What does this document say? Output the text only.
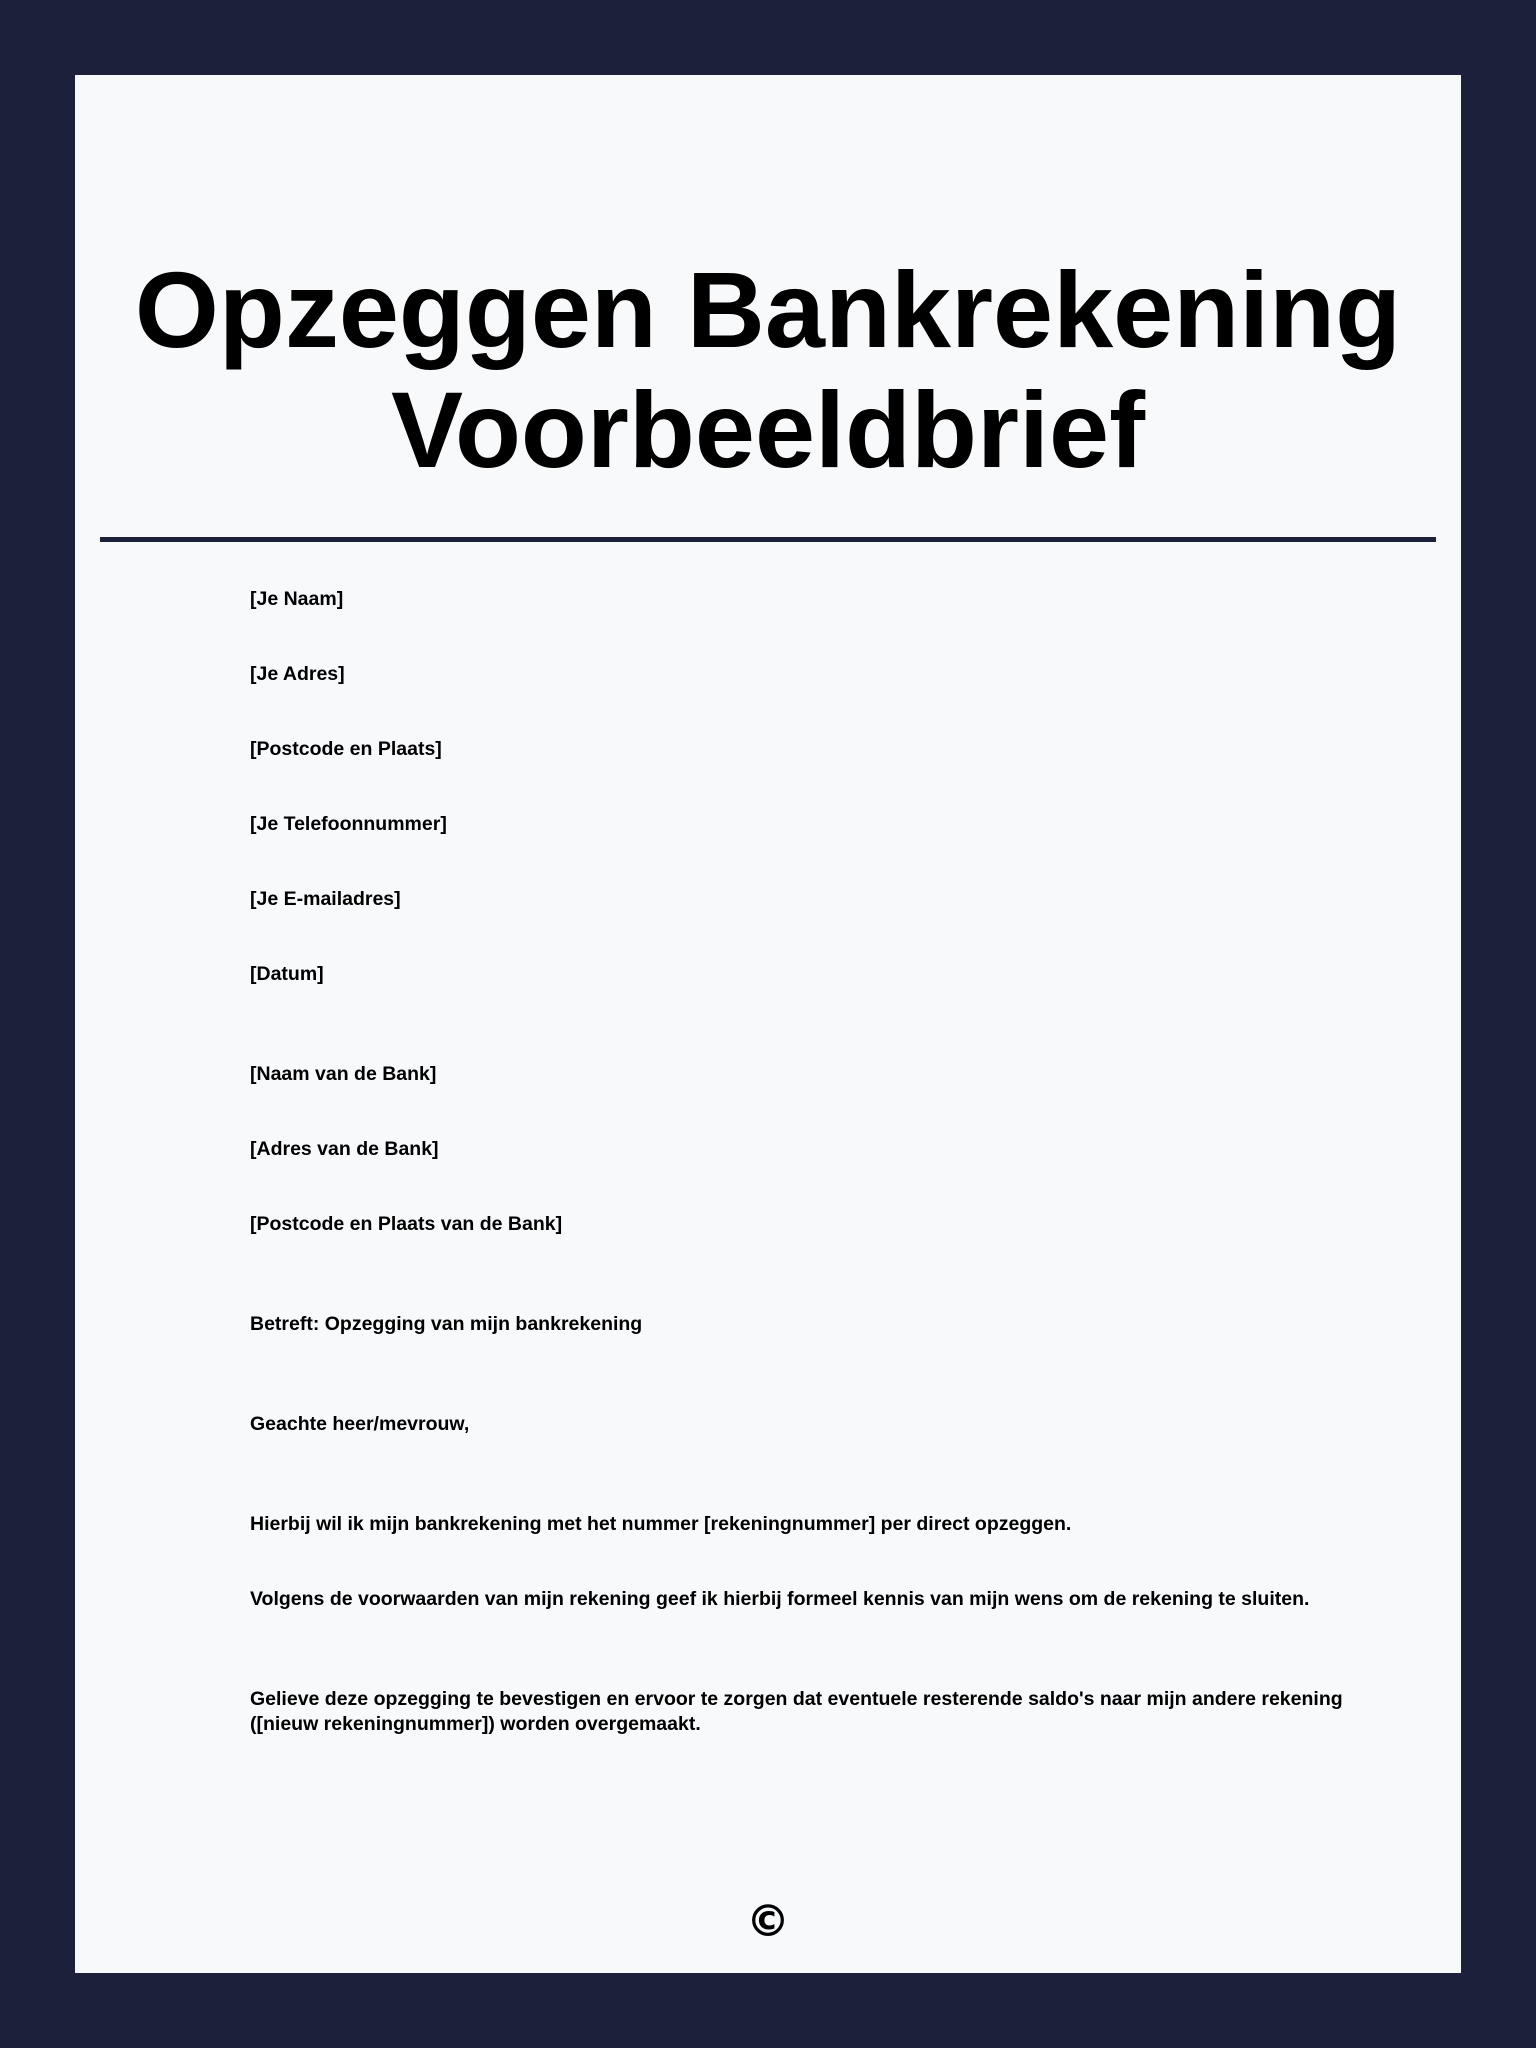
Opzeggen Bankrekening
Voorbeeldbrief

[Je Naam]

[Je Adres]

[Postcode en Plaats]

[Je Telefoonnummer]

[Je E-mailadres]

[Datum]

[Naam van de Bank]

[Adres van de Bank]

[Postcode en Plaats van de Bank]

Betreft: Opzegging van mijn bankrekening

Geachte heer/mevrouw,

Hierbij wil ik mijn bankrekening met het nummer [rekeningnummer] per direct opzeggen.

Volgens de voorwaarden van mijn rekening geef ik hierbij formeel kennis van mijn wens om de rekening te sluiten.

Gelieve deze opzegging te bevestigen en ervoor te zorgen dat eventuele resterende saldo's naar mijn andere rekening ([nieuw rekeningnummer]) worden overgemaakt.

©
